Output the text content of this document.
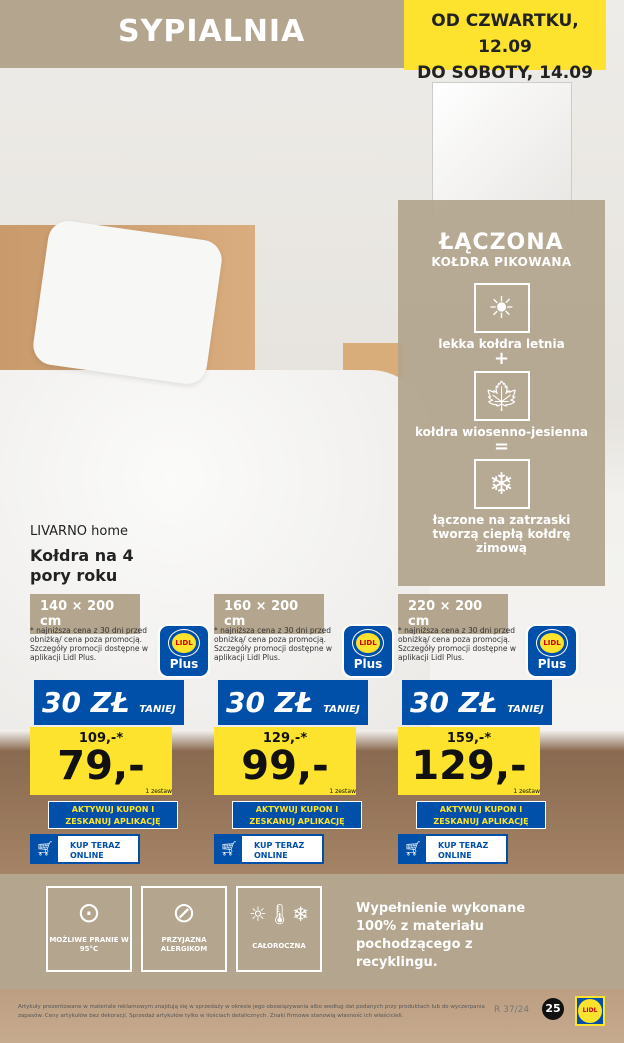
SYPIALNIA	OD CZWARTKU, 12.09
DO SOBOTY, 14.09
ŁĄCZONA
KOŁDRA PIKOWANA
☀
lekka kołdra letnia
+
🍁︎
kołdra wiosenno-jesienna
=
❄
łączone na zatrzaski tworzą ciepłą kołdrę zimową
LIVARNO home
Kołdra na 4 pory roku
140 × 200 cm
* najniższa cena z 30 dni przed obniżką/ cena poza promocją. Szczegóły promocji dostępne w aplikacji Lidl Plus.
LIDL
Plus
30 ZŁ TANIEJ
109,-*
79,-
1 zestaw
AKTYWUJ KUPON I ZESKANUJ APLIKACJĘ
🛒︎	KUP TERAZ
ONLINE
160 × 200 cm
* najniższa cena z 30 dni przed obniżką/ cena poza promocją. Szczegóły promocji dostępne w aplikacji Lidl Plus.
LIDL
Plus
30 ZŁ TANIEJ
129,-*
99,-
1 zestaw
AKTYWUJ KUPON I ZESKANUJ APLIKACJĘ
🛒︎	KUP TERAZ
ONLINE
220 × 200 cm
* najniższa cena z 30 dni przed obniżką/ cena poza promocją. Szczegóły promocji dostępne w aplikacji Lidl Plus.
LIDL
Plus
30 ZŁ TANIEJ
159,-*
129,-
1 zestaw
AKTYWUJ KUPON I ZESKANUJ APLIKACJĘ
🛒︎	KUP TERAZ
ONLINE
⊙
MOŻLIWE PRANIE W 95°C
⊘
PRZYJAZNA ALERGIKOM
☼🌡︎❄
CAŁOROCZNA
Wypełnienie wykonane 100% z materiału pochodzącego z recyklingu.
Artykuły prezentowane w materiale reklamowym znajdują się w sprzedaży w okresie jego obowiązywania albo według dat podanych przy produktach lub do wyczerpania zapasów. Ceny artykułów bez dekoracji. Sprzedaż artykułów tylko w ilościach detalicznych. Znaki firmowe stanowią własność ich właścicieli.
R 37/24	25	LIDL
